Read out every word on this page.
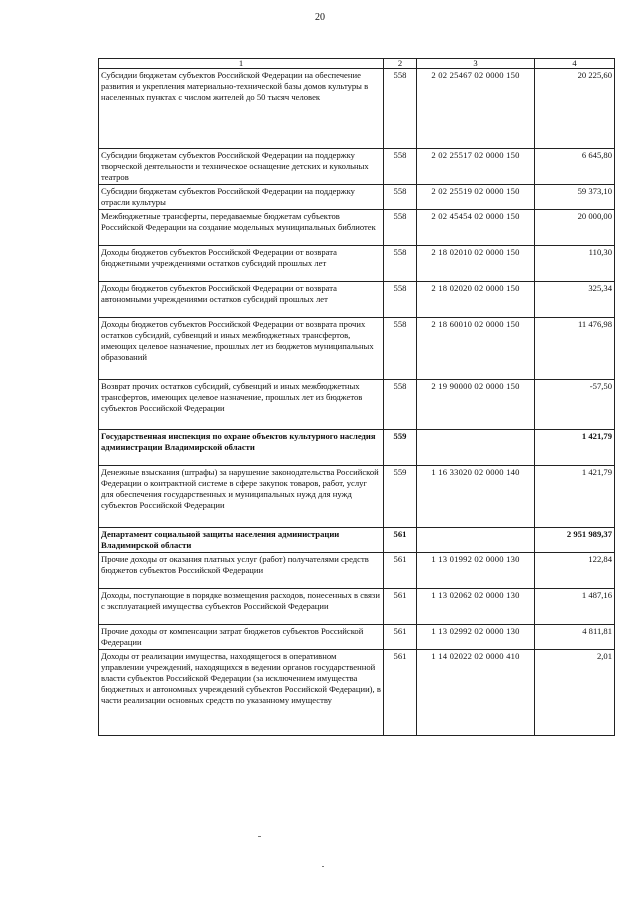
20
1	2	3	4
Субсидии бюджетам субъектов Российской Федерации на обеспечение развития и укрепления материально-технической базы домов культуры в населенных пунктах с числом жителей до 50 тысяч человек	558	2 02 25467 02 0000 150	20 225,60
Субсидии бюджетам субъектов Российской Федерации на поддержку творческой деятельности и техническое оснащение детских и кукольных театров	558	2 02 25517 02 0000 150	6 645,80
Субсидии бюджетам субъектов Российской Федерации на поддержку отрасли культуры	558	2 02 25519 02 0000 150	59 373,10
Межбюджетные трансферты, передаваемые бюджетам субъектов Российской Федерации на создание модельных муниципальных библиотек	558	2 02 45454 02 0000 150	20 000,00
Доходы бюджетов субъектов Российской Федерации от возврата бюджетными учреждениями остатков субсидий прошлых лет	558	2 18 02010 02 0000 150	110,30
Доходы бюджетов субъектов Российской Федерации от возврата автономными учреждениями остатков субсидий прошлых лет	558	2 18 02020 02 0000 150	325,34
Доходы бюджетов субъектов Российской Федерации от возврата прочих остатков субсидий, субвенций и иных межбюджетных трансфертов, имеющих целевое назначение, прошлых лет из бюджетов муниципальных образований	558	2 18 60010 02 0000 150	11 476,98
Возврат прочих остатков субсидий, субвенций и иных межбюджетных трансфертов, имеющих целевое назначение, прошлых лет из бюджетов субъектов Российской Федерации	558	2 19 90000 02 0000 150	-57,50
Государственная инспекция по охране объектов культурного наследия администрации Владимирской области	559		1 421,79
Денежные взыскания (штрафы) за нарушение законодательства Российской Федерации о контрактной системе в сфере закупок товаров, работ, услуг для обеспечения государственных и муниципальных нужд для нужд субъектов Российской Федерации	559	1 16 33020 02 0000 140	1 421,79
Департамент социальной защиты населения администрации Владимирской области	561		2 951 989,37
Прочие доходы от оказания платных услуг (работ) получателями средств бюджетов субъектов Российской Федерации	561	1 13 01992 02 0000 130	122,84
Доходы, поступающие в порядке возмещения расходов, понесенных в связи с эксплуатацией имущества субъектов Российской Федерации	561	1 13 02062 02 0000 130	1 487,16
Прочие доходы от компенсации затрат бюджетов субъектов Российской Федерации	561	1 13 02992 02 0000 130	4 811,81
Доходы от реализации имущества, находящегося в оперативном управлении учреждений, находящихся в ведении органов государственной власти субъектов Российской Федерации (за исключением имущества бюджетных и автономных учреждений субъектов Российской Федерации), в части реализации основных средств по указанному имуществу	561	1 14 02022 02 0000 410	2,01
